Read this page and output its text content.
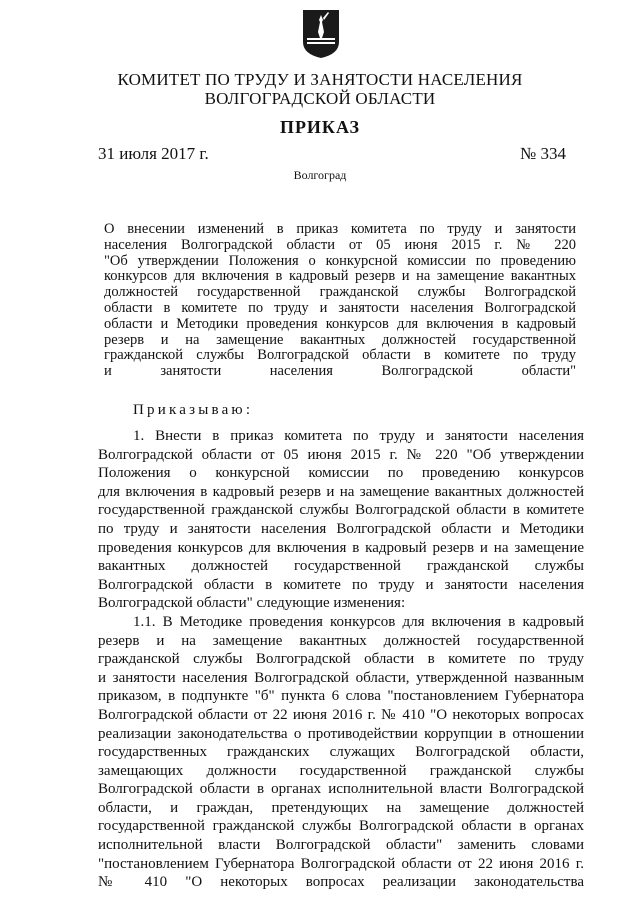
КОМИТЕТ ПО ТРУДУ И ЗАНЯТОСТИ НАСЕЛЕНИЯ
ВОЛГОГРАДСКОЙ ОБЛАСТИ
ПРИКАЗ
31 июля 2017 г.	№ 334
Волгоград
О внесении изменений в приказ комитета по труду и занятости
населения Волгоградской области от 05 июня 2015 г. № 220
"Об утверждении Положения о конкурсной комиссии по проведению
конкурсов для включения в кадровый резерв и на замещение вакантных
должностей государственной гражданской службы Волгоградской
области в комитете по труду и занятости населения Волгоградской
области и Методики проведения конкурсов для включения в кадровый
резерв и на замещение вакантных должностей государственной
гражданской службы Волгоградской области в комитете по труду
и занятости населения Волгоградской области"
Приказываю:
1. Внести в приказ комитета по труду и занятости населения
Волгоградской области от 05 июня 2015 г. № 220 "Об утверждении
Положения о конкурсной комиссии по проведению конкурсов
для включения в кадровый резерв и на замещение вакантных должностей
государственной гражданской службы Волгоградской области в комитете
по труду и занятости населения Волгоградской области и Методики
проведения конкурсов для включения в кадровый резерв и на замещение
вакантных должностей государственной гражданской службы
Волгоградской области в комитете по труду и занятости населения
Волгоградской области" следующие изменения:
1.1. В Методике проведения конкурсов для включения в кадровый
резерв и на замещение вакантных должностей государственной
гражданской службы Волгоградской области в комитете по труду
и занятости населения Волгоградской области, утвержденной названным
приказом, в подпункте "б" пункта 6 слова "постановлением Губернатора
Волгоградской области от 22 июня 2016 г. № 410 "О некоторых вопросах
реализации законодательства о противодействии коррупции в отношении
государственных гражданских служащих Волгоградской области,
замещающих должности государственной гражданской службы
Волгоградской области в органах исполнительной власти Волгоградской
области, и граждан, претендующих на замещение должностей
государственной гражданской службы Волгоградской области в органах
исполнительной власти Волгоградской области" заменить словами
"постановлением Губернатора Волгоградской области от 22 июня 2016 г.
№ 410 "О некоторых вопросах реализации законодательства
